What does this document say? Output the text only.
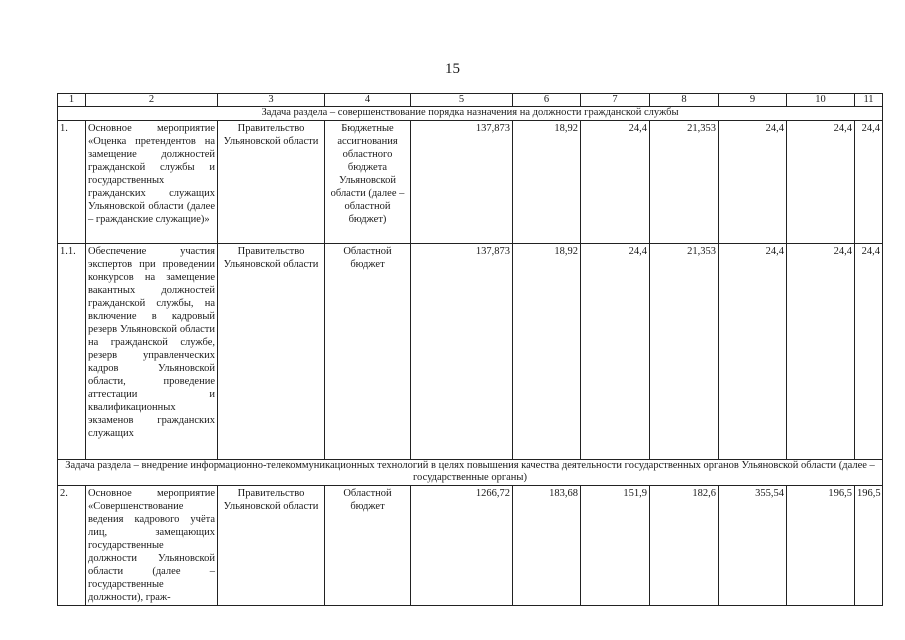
15
1	2	3	4	5	6	7	8	9	10	11
Задача раздела – совершенствование порядка назначения на должности гражданской службы										
1.	Основное мероприятие «Оценка претендентов на замещение должностей гражданской службы и государственных гражданских служащих Ульяновской области (далее – гражданские служащие)»	Правительство Ульяновской области	Бюджетные ассигнования областного бюджета Ульяновской области (далее – областной бюджет)	137,873	18,92	24,4	21,353	24,4	24,4	24,4
1.1.	Обеспечение участия экспертов при проведении конкурсов на замещение вакантных должностей гражданской службы, на включение в кадровый резерв Ульяновской области на гражданской службе, резерв управленческих кадров Ульяновской области, проведение аттестации и квалификационных экзаменов гражданских служащих	Правительство Ульяновской области	Областной бюджет	137,873	18,92	24,4	21,353	24,4	24,4	24,4
Задача раздела – внедрение информационно-телекоммуникационных технологий в целях повышения качества деятельности государственных органов Ульяновской области (далее – государственные органы)										
2.	Основное мероприятие «Совершенствование ведения кадрового учёта лиц, замещающих государственные должности Ульяновской области (далее – государственные должности), граж-	Правительство Ульяновской области	Областной бюджет	1266,72	183,68	151,9	182,6	355,54	196,5	196,5
